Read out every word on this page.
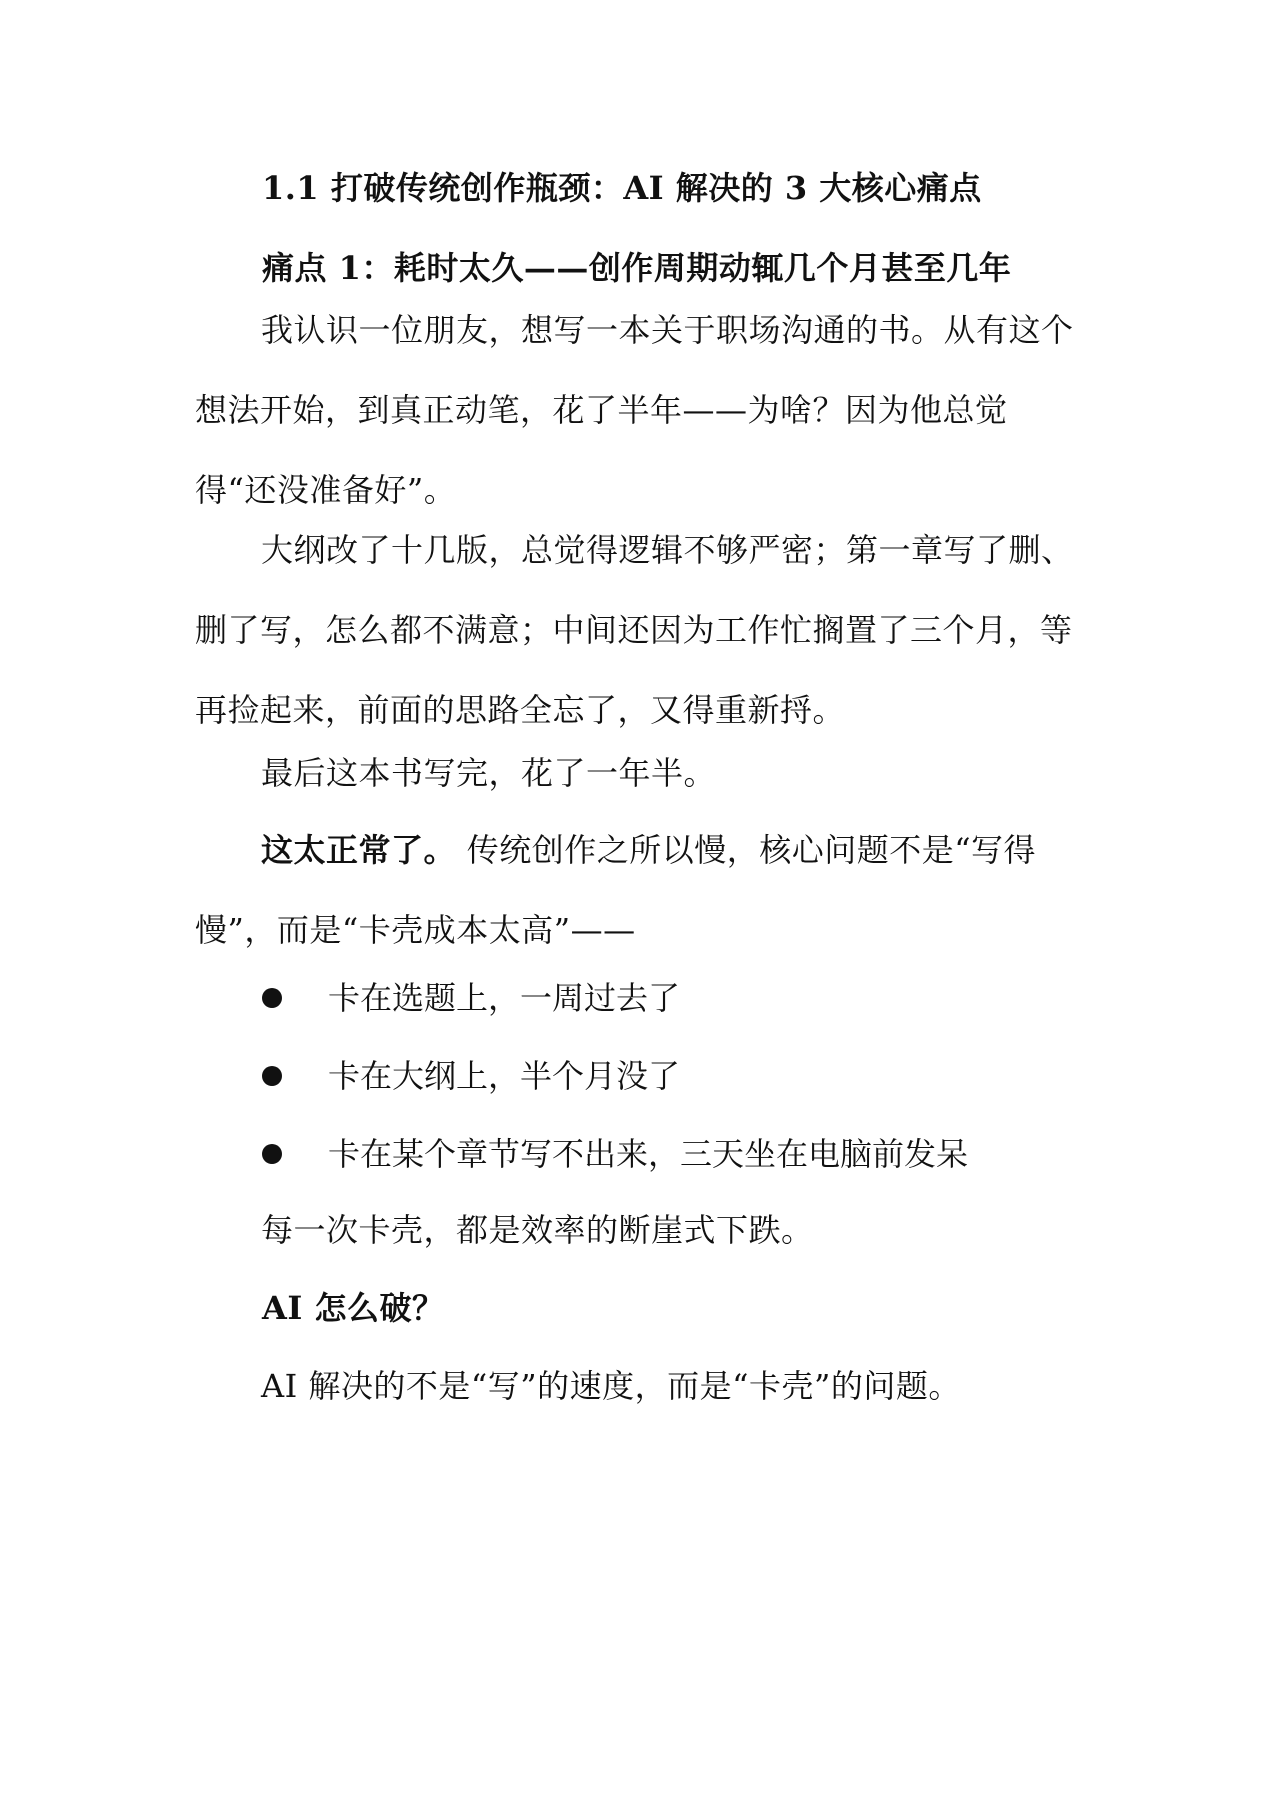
1.1 打破传统创作瓶颈：AI 解决的 3 大核心痛点
痛点 1：耗时太久——创作周期动辄几个月甚至几年
我认识一位朋友，想写一本关于职场沟通的书。从有这个想法开始，到真正动笔，花了半年——为啥？因为他总觉得“还没准备好”。
大纲改了十几版，总觉得逻辑不够严密；第一章写了删、删了写，怎么都不满意；中间还因为工作忙搁置了三个月，等再捡起来，前面的思路全忘了，又得重新捋。
最后这本书写完，花了一年半。
这太正常了。 传统创作之所以慢，核心问题不是“写得慢”，而是“卡壳成本太高”——
卡在选题上，一周过去了
卡在大纲上，半个月没了
卡在某个章节写不出来，三天坐在电脑前发呆
每一次卡壳，都是效率的断崖式下跌。
AI 怎么破？
AI 解决的不是“写”的速度，而是“卡壳”的问题。
